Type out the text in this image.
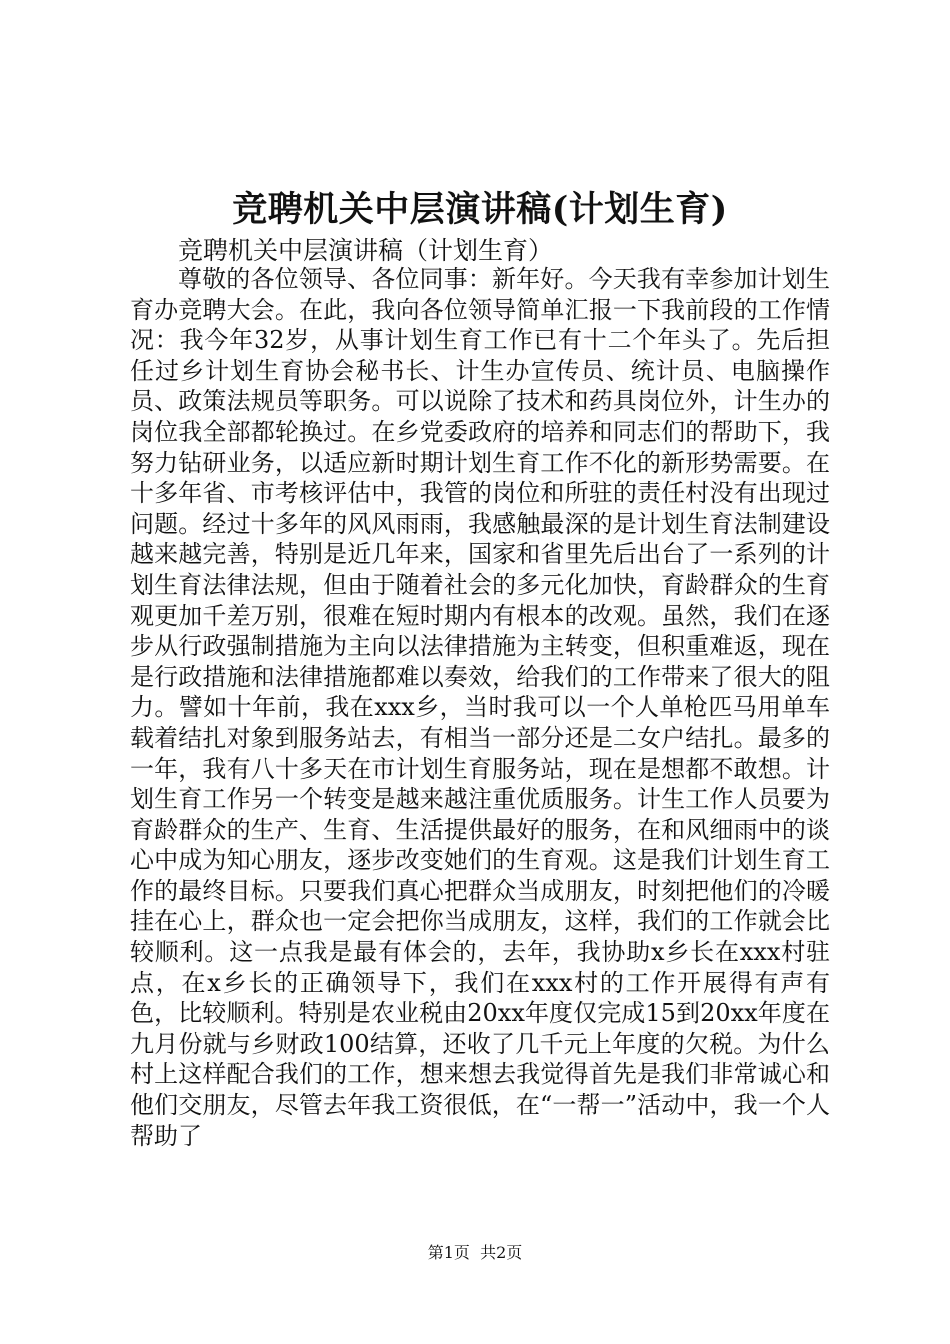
竞聘机关中层演讲稿(计划生育)

竞聘机关中层演讲稿（计划生育）

尊敬的各位领导、各位同事：新年好。今天我有幸参加计划生育办竞聘大会。在此，我向各位领导简单汇报一下我前段的工作情况：我今年32岁，从事计划生育工作已有十二个年头了。先后担任过乡计划生育协会秘书长、计生办宣传员、统计员、电脑操作员、政策法规员等职务。可以说除了技术和药具岗位外，计生办的岗位我全部都轮换过。在乡党委政府的培养和同志们的帮助下，我努力钻研业务，以适应新时期计划生育工作不化的新形势需要。在十多年省、市考核评估中，我管的岗位和所驻的责任村没有出现过问题。经过十多年的风风雨雨，我感触最深的是计划生育法制建设越来越完善，特别是近几年来，国家和省里先后出台了一系列的计划生育法律法规，但由于随着社会的多元化加快，育龄群众的生育观更加千差万别，很难在短时期内有根本的改观。虽然，我们在逐步从行政强制措施为主向以法律措施为主转变，但积重难返，现在是行政措施和法律措施都难以奏效，给我们的工作带来了很大的阻力。譬如十年前，我在xxx乡，当时我可以一个人单枪匹马用单车载着结扎对象到服务站去，有相当一部分还是二女户结扎。最多的一年，我有八十多天在市计划生育服务站，现在是想都不敢想。计划生育工作另一个转变是越来越注重优质服务。计生工作人员要为育龄群众的生产、生育、生活提供最好的服务，在和风细雨中的谈心中成为知心朋友，逐步改变她们的生育观。这是我们计划生育工作的最终目标。只要我们真心把群众当成朋友，时刻把他们的冷暖挂在心上，群众也一定会把你当成朋友，这样，我们的工作就会比较顺利。这一点我是最有体会的，去年，我协助x乡长在xxx村驻点，在x乡长的正确领导下，我们在xxx村的工作开展得有声有色，比较顺利。特别是农业税由20xx年度仅完成15到20xx年度在九月份就与乡财政100结算，还收了几千元上年度的欠税。为什么村上这样配合我们的工作，想来想去我觉得首先是我们非常诚心和他们交朋友，尽管去年我工资很低，在“一帮一”活动中，我一个人帮助了

第1页  共2页
